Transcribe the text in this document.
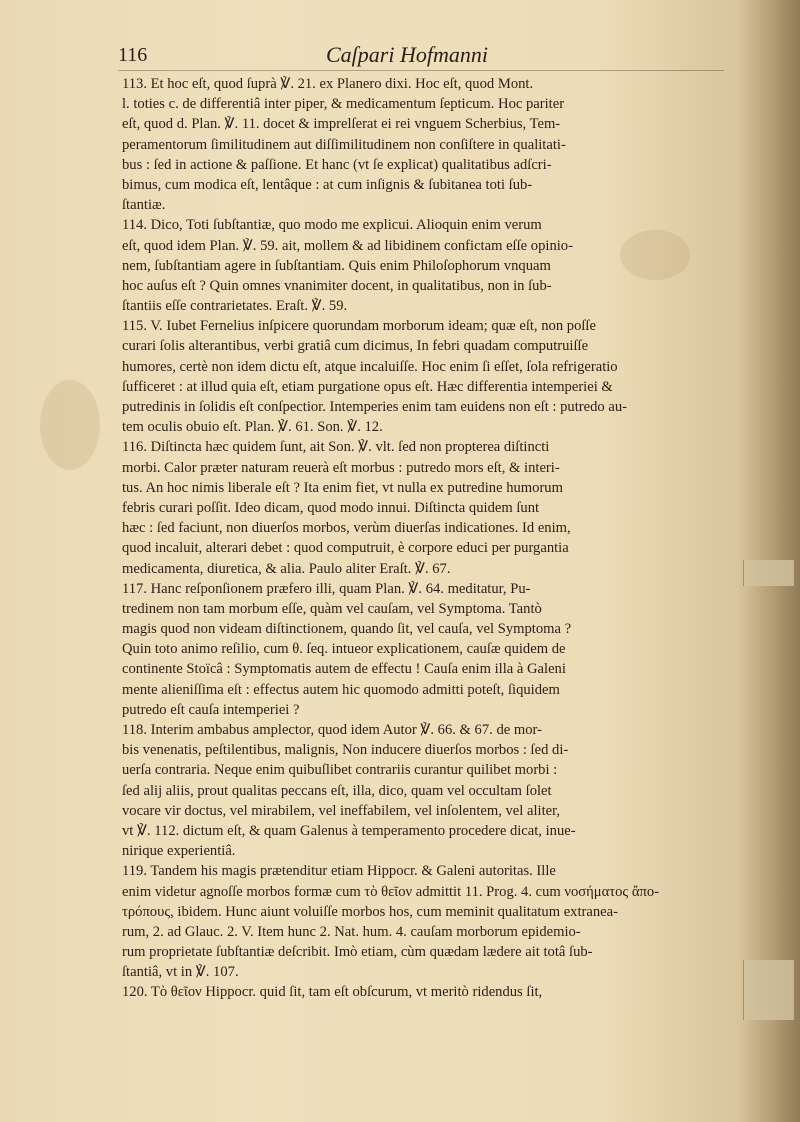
116	Caſpari Hofmanni
113. Et hoc eſt, quod ſuprà ℣. 21. ex Planero dixi. Hoc eſt, quod Mont.
l. toties c. de differentiâ inter piper, & medicamentum ſepticum. Hoc pariter
eſt, quod d. Plan. ℣. 11. docet & imprelſerat ei rei vnguem Scherbius, Tem-
peramentorum ſimilitudinem aut diſſimilitudinem non conſiſtere in qualitati-
bus : ſed in actione & paſſione. Et hanc (vt ſe explicat) qualitatibus adſcri-
bimus, cum modica eſt, lentâque : at cum inſignis & ſubitanea toti ſub-
ſtantiæ.
114. Dico, Toti ſubſtantiæ, quo modo me explicui. Alioquin enim verum
eſt, quod idem Plan. ℣. 59. ait, mollem & ad libidinem confictam eſſe opinio-
nem, ſubſtantiam agere in ſubſtantiam. Quis enim Philoſophorum vnquam
hoc auſus eſt ? Quin omnes vnanimiter docent, in qualitatibus, non in ſub-
ſtantiis eſſe contrarietates. Eraſt. ℣. 59.
115. V. Iubet Fernelius inſpicere quorundam morborum ideam; quæ eſt, non poſſe
curari ſolis alterantibus, verbi gratiâ cum dicimus, In febri quadam computruiſſe
humores, certè non idem dictu eſt, atque incaluiſſe. Hoc enim ſi eſſet, ſola refrigeratio
ſufficeret : at illud quia eſt, etiam purgatione opus eſt. Hæc differentia intemperiei &
putredinis in ſolidis eſt conſpectior. Intemperies enim tam euidens non eſt : putredo au-
tem oculis obuio eſt. Plan. ℣. 61. Son. ℣. 12.
116. Diſtincta hæc quidem ſunt, ait Son. ℣. vlt. ſed non propterea diſtincti
morbi. Calor præter naturam reuerà eſt morbus : putredo mors eſt, & interi-
tus. An hoc nimis liberale eſt ? Ita enim fiet, vt nulla ex putredine humorum
febris curari poſſit. Ideo dicam, quod modo innui. Diſtincta quidem ſunt
hæc : ſed faciunt, non diuerſos morbos, verùm diuerſas indicationes. Id enim,
quod incaluit, alterari debet : quod computruit, è corpore educi per purgantia
medicamenta, diuretica, & alia. Paulo aliter Eraſt. ℣. 67.
117. Hanc reſponſionem præfero illi, quam Plan. ℣. 64. meditatur, Pu-
tredinem non tam morbum eſſe, quàm vel cauſam, vel Symptoma. Tantò
magis quod non videam diſtinctionem, quando ſit, vel cauſa, vel Symptoma ?
Quin toto animo reſilio, cum θ. ſeq. intueor explicationem, cauſæ quidem de
continente Stoïcâ : Symptomatis autem de effectu ! Cauſa enim illa à Galeni
mente alieniſſima eſt : effectus autem hic quomodo admitti poteſt, ſiquidem
putredo eſt cauſa intemperiei ?
118. Interim ambabus amplector, quod idem Autor ℣. 66. & 67. de mor-
bis venenatis, peſtilentibus, malignis, Non inducere diuerſos morbos : ſed di-
uerſa contraria. Neque enim quibuſlibet contrariis curantur quilibet morbi :
ſed alij aliis, prout qualitas peccans eſt, illa, dico, quam vel occultam ſolet
vocare vir doctus, vel mirabilem, vel ineffabilem, vel inſolentem, vel aliter,
vt ℣. 112. dictum eſt, & quam Galenus à temperamento procedere dicat, inue-
nirique experientiâ.
119. Tandem his magis prætenditur etiam Hippocr. & Galeni autoritas. Ille
enim videtur agnoſſe morbos formæ cum τὸ θεῖον admittit 11. Prog. 4. cum νοσήματος ἄπο-
τρόπους, ibidem. Hunc aiunt voluiſſe morbos hos, cum meminit qualitatum extranea-
rum, 2. ad Glauc. 2. V. Item hunc 2. Nat. hum. 4. cauſam morborum epidemio-
rum proprietate ſubſtantiæ deſcribit. Imò etiam, cùm quædam lædere ait totâ ſub-
ſtantiâ, vt in ℣. 107.
120. Τὸ θεῖον Hippocr. quid ſit, tam eſt obſcurum, vt meritò ridendus ſit,
